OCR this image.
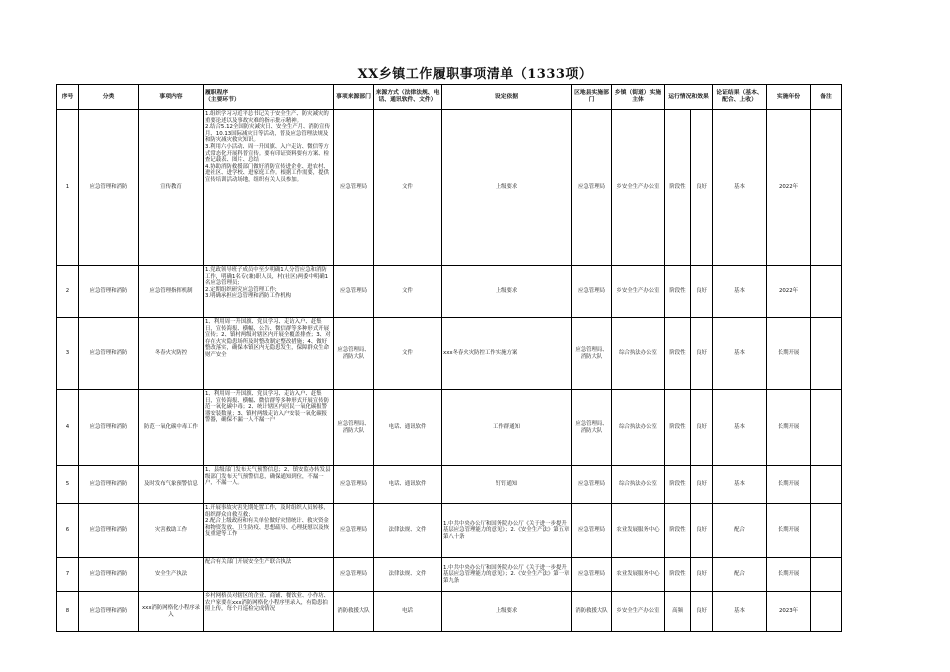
XX乡镇工作履职事项清单（1333项）
序号	分类	事项内容	履职程序
（主要环节）	事项来源部门	来源方式（法律法规、电话、通讯软件、文件）	设定依据	区地县实施部门	乡镇（街道）实施主体	运行情况和效果		论证结果（基本、配合、上收）	实施年份	备注
1	应急管理和消防	宣传教育	1.组织学习习近平总书记关于安全生产、防灾减灾的重要论述以及事故灾难的指示批示精神。
2.结合5.12全国防灾减灾日、安全生产月、消防宣传月、10.13国际减灾日等活动，普及应急管理法规及和防灾减灾救灾知识。
3.利用六小活动、周一升国旗、入户走访、微信等方式常态化开展科普宣传。要有印证资料要有方案、检查记载表、图片、总结
4.协助消防救援部门做好消防宣传进企业、进农村、进社区、进学校、进家庭工作。根据工作需要，提供宣传培训活动场地，组织有关人员参加。	应急管理局	文件	上级要求	应急管理局	乡安全生产办公室	阶段性	良好	基本	2022年	
2	应急管理和消防	应急管理指挥机制	1.党政领导班子成员中至少明确1人分管应急和消防工作，明确1名专(兼)职人员，村(社区)两委中明确1名应急管理员;
2.定期组织研究应急管理工作;
3.明确承担应急管理和消防工作机构	应急管理局	文件	上级要求	应急管理局	乡安全生产办公室	阶段性	良好	基本	2022年	
3	应急管理和消防	冬春火灾防控	1、利用周一升国旗、党员学习、走访入户、赶集日，宣传海报、横幅，公告、微信群等多种形式开展宣传；2、镇村两级对辖区内开展全覆盖排查；3、对存在火灾隐患场所及时整改制定整改措施；4、做好整改落实，确保本镇区内无隐患发生，保障群众生命财产安全	应急管理局、消防大队	文件	xxx冬春火灾防控工作实施方案	应急管理局、消防大队	综合执法办公室	阶段性	良好	基本	长期开展	
4	应急管理和消防	防范一氧化碳中毒工作	1、利用周一升国旗、党员学习、走访入户、赶集日，宣传海报、横幅、微信群等多种形式开展宣传防范一氧化碳中毒；2、统计辖区内居民一氧化碳报警器安装数量；3、镇村两级走访入户安装一氧化碳报警器，确保不漏一人不漏一户	应急管理局、消防大队	电话、通讯软件	工作群通知	应急管理局、消防大队	综合执法办公室	阶段性	良好	基本	长期开展	
5	应急管理和消防	及时发布气象预警信息	1、县级部门发布天气预警信息；2、镇安监办转发县级部门发布天气预警信息，确保通知到位，不漏一户，不漏一人。	应急管理局	电话、通讯软件	钉钉通知	应急管理局	综合执法办公室	阶段性	良好	基本	长期开展	
6	应急管理和消防	灾害救助工作	1.开展事故灾害先期处置工作，及时组织人员转移，组织群众自救互救；
2.配合上级政府和有关单位做好灾情统计、救灾资金和物资发放、卫生防疫、思想疏导、心理抚慰以及恢复重建等工作	应急管理局	法律法规、文件	1.中共中央办公厅和国务院办公厅《关于进一步提升基层应急管理能力的意见》；2.《安全生产法》第五章第八十条	应急管理局	农业发展服务中心	阶段性	良好	配合	长期开展	
7	应急管理和消防	安全生产执法	配合有关部门开展安全生产联合执法	应急管理局	法律法规、文件	1.中共中央办公厅和国务院办公厅《关于进一步提升基层应急管理能力的意见》；2.《安全生产法》第一章第九条	应急管理局	农业发展服务中心	阶段性	良好	配合	长期开展	
8	应急管理和消防	xxx消防网格化小程序录入	乡村网格员对辖区的企业、商铺、餐饮业、小作坊、农户家要在xxx消防网格化小程序里录入，有隐患拍照上传，每个月巡检完成情况	消防救援大队	电话	上级要求	消防救援大队	乡安全生产办公室	高频	良好	基本	2023年	
